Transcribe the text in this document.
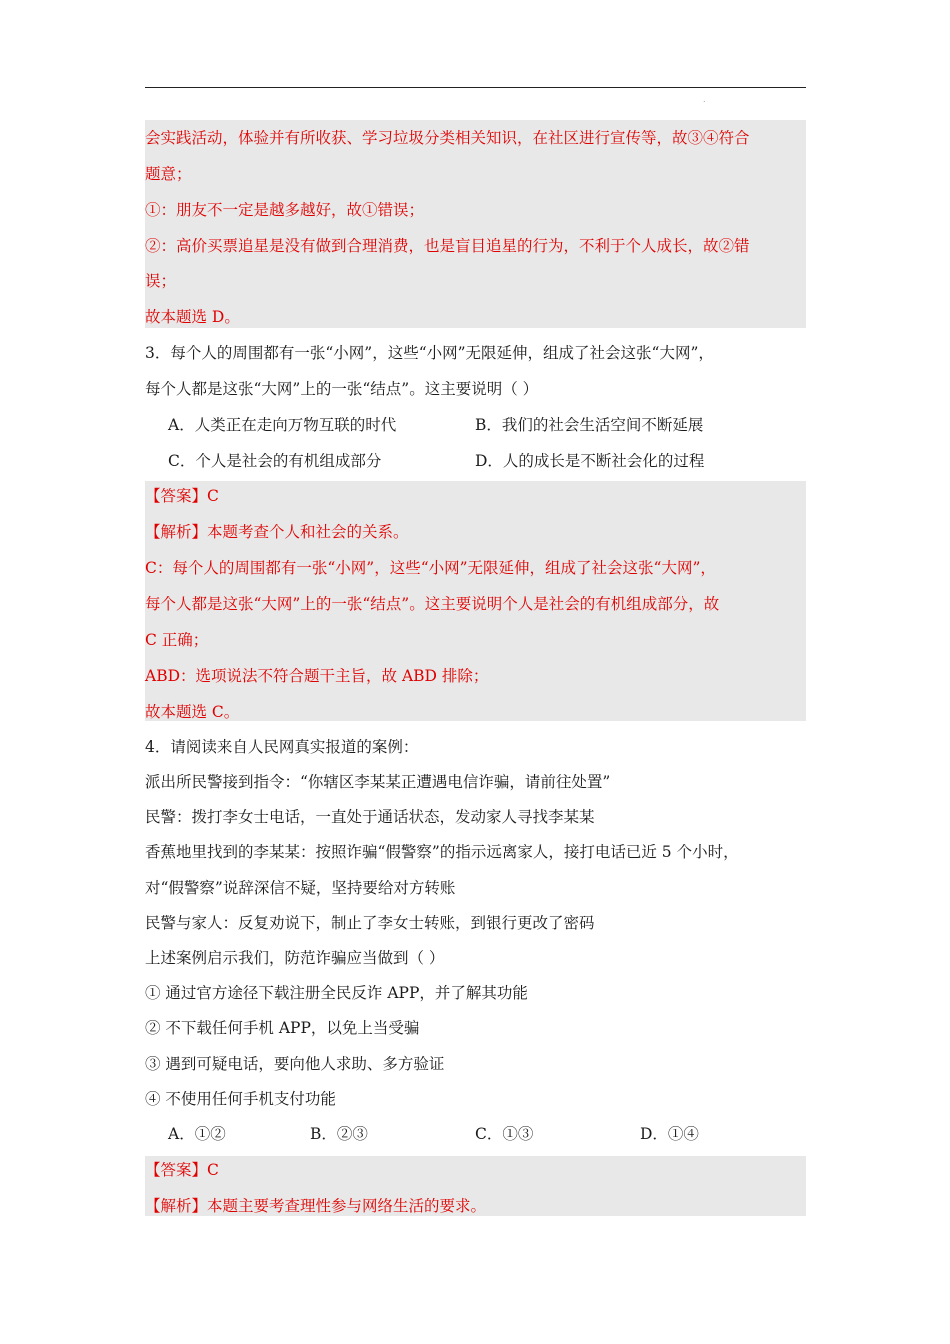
.
会实践活动，体验并有所收获、学习垃圾分类相关知识，在社区进行宣传等，故③④符合
题意；
①：朋友不一定是越多越好，故①错误；
②：高价买票追星是没有做到合理消费，也是盲目追星的行为，不利于个人成长，故②错
误；
故本题选 D。
3．每个人的周围都有一张“小网”，这些“小网”无限延伸，组成了社会这张“大网”，
每个人都是这张“大网”上的一张“结点”。这主要说明（ ）
A．人类正在走向万物互联的时代	B．我们的社会生活空间不断延展
C．个人是社会的有机组成部分	D．人的成长是不断社会化的过程
【答案】C
【解析】本题考查个人和社会的关系。
C：每个人的周围都有一张“小网”，这些“小网”无限延伸，组成了社会这张“大网”，
每个人都是这张“大网”上的一张“结点”。这主要说明个人是社会的有机组成部分，故
C 正确；
ABD：选项说法不符合题干主旨，故 ABD 排除；
故本题选 C。
4．请阅读来自人民网真实报道的案例：
派出所民警接到指令：“你辖区李某某正遭遇电信诈骗，请前往处置”
民警：拨打李女士电话，一直处于通话状态，发动家人寻找李某某
香蕉地里找到的李某某：按照诈骗“假警察”的指示远离家人，接打电话已近 5 个小时，
对“假警察”说辞深信不疑，坚持要给对方转账
民警与家人：反复劝说下，制止了李女士转账，到银行更改了密码
上述案例启示我们，防范诈骗应当做到（ ）
① 通过官方途径下载注册全民反诈 APP，并了解其功能
② 不下载任何手机 APP，以免上当受骗
③ 遇到可疑电话，要向他人求助、多方验证
④ 不使用任何手机支付功能
A．①②	B．②③	C．①③	D．①④
【答案】C
【解析】本题主要考查理性参与网络生活的要求。
